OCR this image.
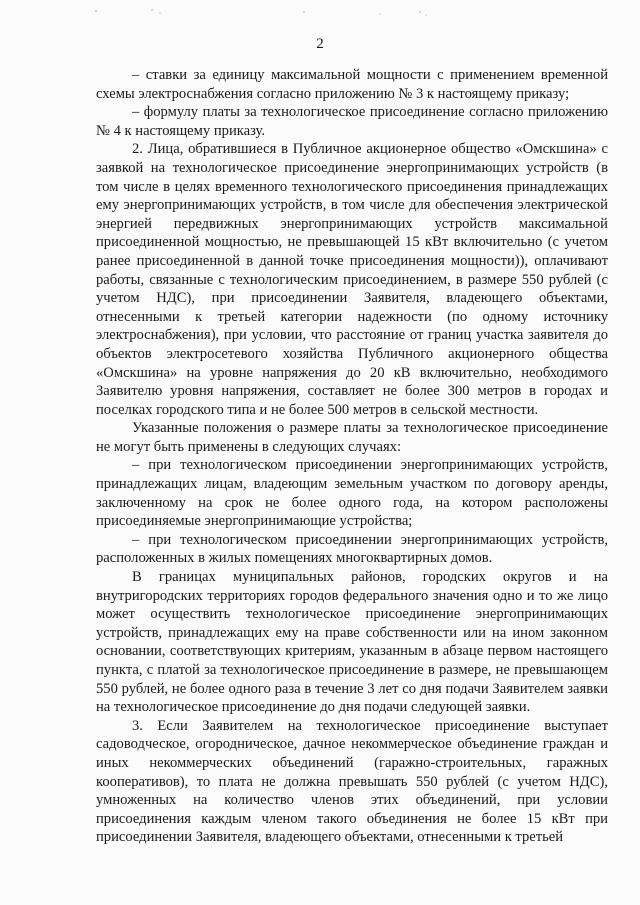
2

– ставки за единицу максимальной мощности с применением временной схемы электроснабжения согласно приложению № 3 к настоящему приказу;

– формулу платы за технологическое присоединение согласно приложению № 4 к настоящему приказу.

2. Лица, обратившиеся в Публичное акционерное общество «Омскшина» с заявкой на технологическое присоединение энергопринимающих устройств (в том числе в целях временного технологического присоединения принадлежащих ему энергопринимающих устройств, в том числе для обеспечения электрической энергией передвижных энергопринимающих устройств максимальной присоединенной мощностью, не превышающей 15 кВт включительно (с учетом ранее присоединенной в данной точке присоединения мощности)), оплачивают работы, связанные с технологическим присоединением, в размере 550 рублей (с учетом НДС), при присоединении Заявителя, владеющего объектами, отнесенными к третьей категории надежности (по одному источнику электроснабжения), при условии, что расстояние от границ участка заявителя до объектов электросетевого хозяйства Публичного акционерного общества «Омскшина» на уровне напряжения до 20 кВ включительно, необходимого Заявителю уровня напряжения, составляет не более 300 метров в городах и поселках городского типа и не более 500 метров в сельской местности.

Указанные положения о размере платы за технологическое присоединение не могут быть применены в следующих случаях:

– при технологическом присоединении энергопринимающих устройств, принадлежащих лицам, владеющим земельным участком по договору аренды, заключенному на срок не более одного года, на котором расположены присоединяемые энергопринимающие устройства;

– при технологическом присоединении энергопринимающих устройств, расположенных в жилых помещениях многоквартирных домов.

В границах муниципальных районов, городских округов и на внутригородских территориях городов федерального значения одно и то же лицо может осуществить технологическое присоединение энергопринимающих устройств, принадлежащих ему на праве собственности или на ином законном основании, соответствующих критериям, указанным в абзаце первом настоящего пункта, с платой за технологическое присоединение в размере, не превышающем 550 рублей, не более одного раза в течение 3 лет со дня подачи Заявителем заявки на технологическое присоединение до дня подачи следующей заявки.

3. Если Заявителем на технологическое присоединение выступает садоводческое, огородническое, дачное некоммерческое объединение граждан и иных некоммерческих объединений (гаражно-строительных, гаражных кооперативов), то плата не должна превышать 550 рублей (с учетом НДС), умноженных на количество членов этих объединений, при условии присоединения каждым членом такого объединения не более 15 кВт при присоединении Заявителя, владеющего объектами, отнесенными к третьей
